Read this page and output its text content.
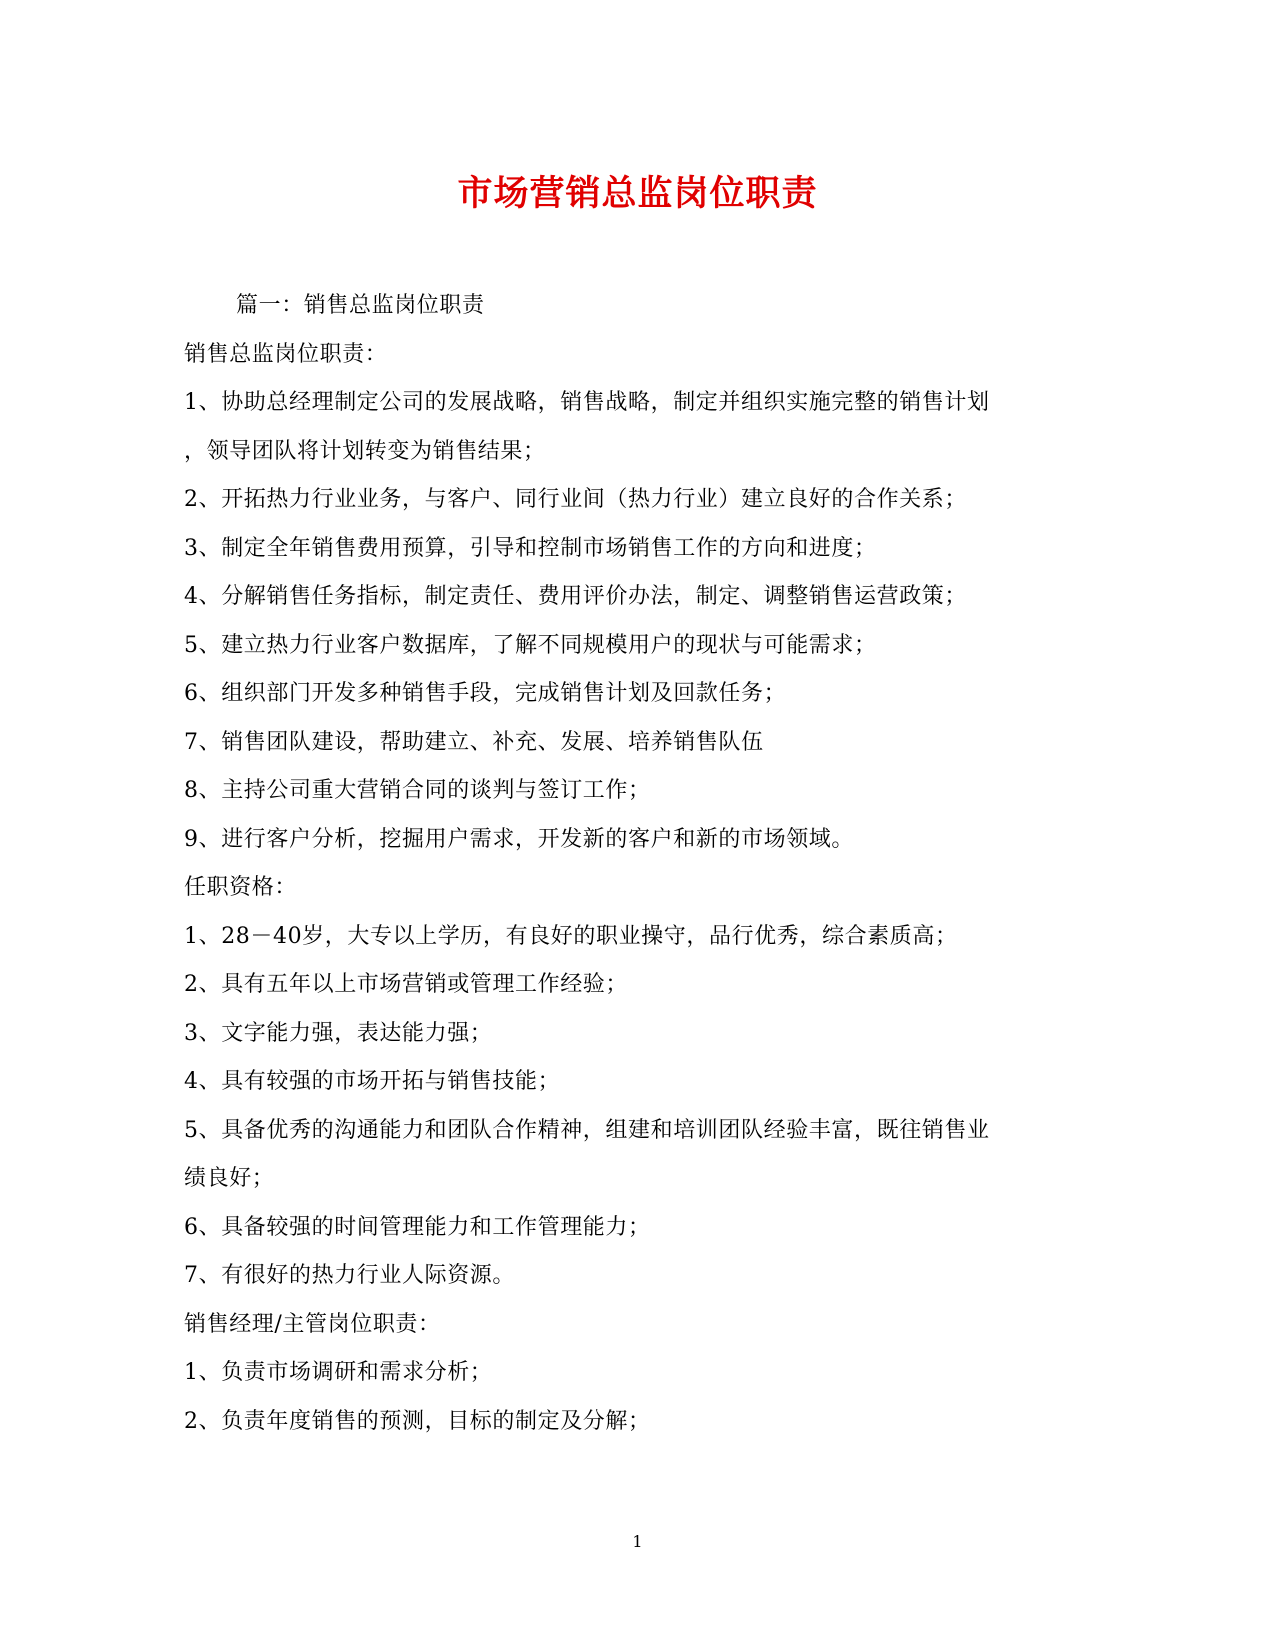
市场营销总监岗位职责
篇一：销售总监岗位职责
销售总监岗位职责：
1、协助总经理制定公司的发展战略，销售战略，制定并组织实施完整的销售计划
，领导团队将计划转变为销售结果；
2、开拓热力行业业务，与客户、同行业间（热力行业）建立良好的合作关系；
3、制定全年销售费用预算，引导和控制市场销售工作的方向和进度；
4、分解销售任务指标，制定责任、费用评价办法，制定、调整销售运营政策；
5、建立热力行业客户数据库，了解不同规模用户的现状与可能需求；
6、组织部门开发多种销售手段，完成销售计划及回款任务；
7、销售团队建设，帮助建立、补充、发展、培养销售队伍
8、主持公司重大营销合同的谈判与签订工作；
9、进行客户分析，挖掘用户需求，开发新的客户和新的市场领域。
任职资格：
1、28－40岁，大专以上学历，有良好的职业操守，品行优秀，综合素质高；
2、具有五年以上市场营销或管理工作经验；
3、文字能力强，表达能力强；
4、具有较强的市场开拓与销售技能；
5、具备优秀的沟通能力和团队合作精神，组建和培训团队经验丰富，既往销售业
绩良好；
6、具备较强的时间管理能力和工作管理能力；
7、有很好的热力行业人际资源。
销售经理/主管岗位职责：
1、负责市场调研和需求分析；
2、负责年度销售的预测，目标的制定及分解；
1
